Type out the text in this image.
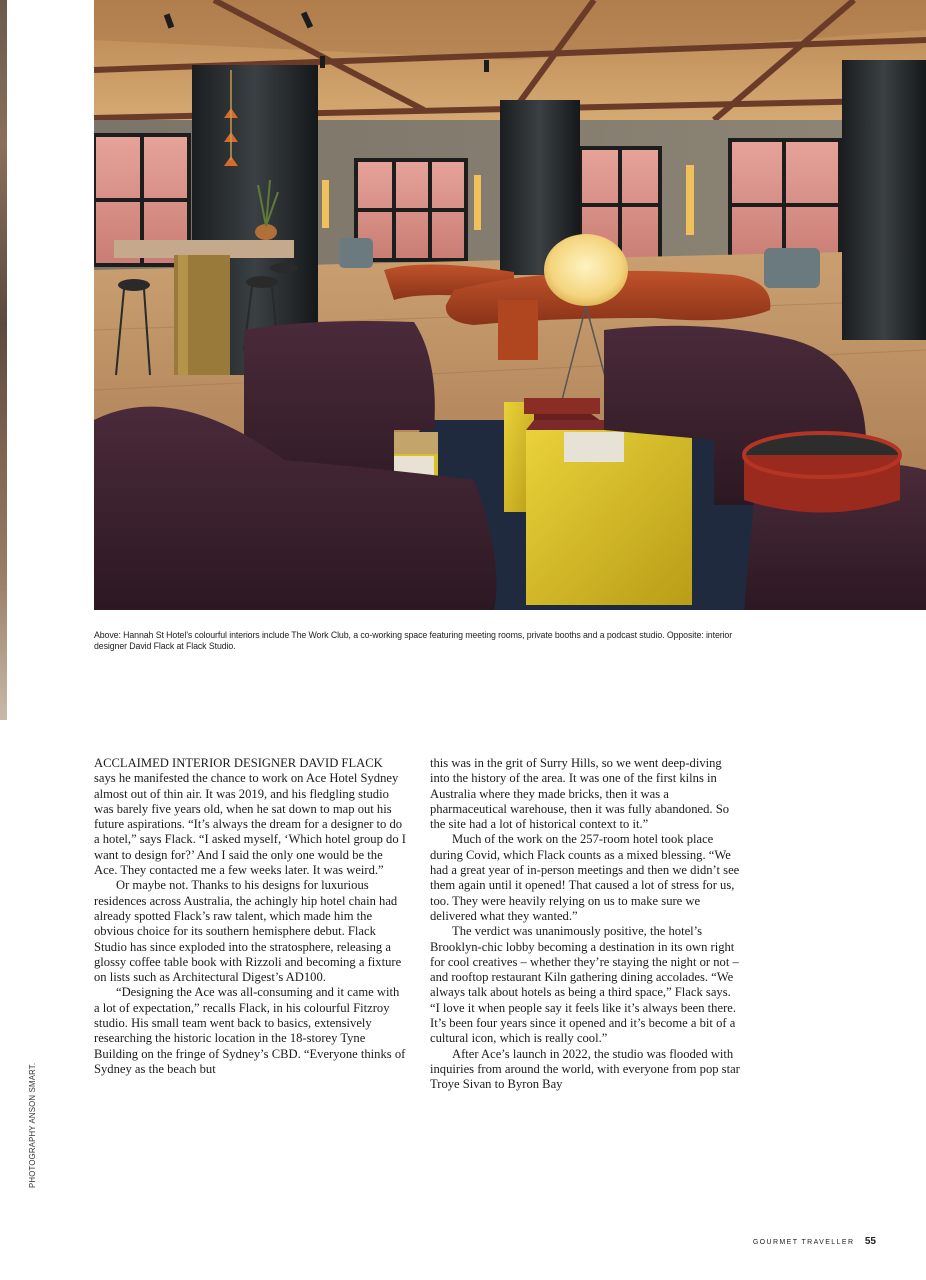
Above: Hannah St Hotel’s colourful interiors include The Work Club, a co-working space featuring meeting rooms, private booths and a podcast studio. Opposite: interior designer David Flack at Flack Studio.

ACCLAIMED INTERIOR DESIGNER DAVID FLACK says he manifested the chance to work on Ace Hotel Sydney almost out of thin air. It was 2019, and his fledgling studio was barely five years old, when he sat down to map out his future aspirations. “It’s always the dream for a designer to do a hotel,” says Flack. “I asked myself, ‘Which hotel group do I want to design for?’ And I said the only one would be the Ace. They contacted me a few weeks later. It was weird.”

Or maybe not. Thanks to his designs for luxurious residences across Australia, the achingly hip hotel chain had already spotted Flack’s raw talent, which made him the obvious choice for its southern hemisphere debut. Flack Studio has since exploded into the stratosphere, releasing a glossy coffee table book with Rizzoli and becoming a fixture on lists such as Architectural Digest’s AD100.

“Designing the Ace was all-consuming and it came with a lot of expectation,” recalls Flack, in his colourful Fitzroy studio. His small team went back to basics, extensively researching the historic location in the 18-storey Tyne Building on the fringe of Sydney’s CBD. “Everyone thinks of Sydney as the beach but

this was in the grit of Surry Hills, so we went deep-diving into the history of the area. It was one of the first kilns in Australia where they made bricks, then it was a pharmaceutical warehouse, then it was fully abandoned. So the site had a lot of historical context to it.”

Much of the work on the 257-room hotel took place during Covid, which Flack counts as a mixed blessing. “We had a great year of in-person meetings and then we didn’t see them again until it opened! That caused a lot of stress for us, too. They were heavily relying on us to make sure we delivered what they wanted.”

The verdict was unanimously positive, the hotel’s Brooklyn-chic lobby becoming a destination in its own right for cool creatives – whether they’re staying the night or not – and rooftop restaurant Kiln gathering dining accolades. “We always talk about hotels as being a third space,” Flack says. “I love it when people say it feels like it’s always been there. It’s been four years since it opened and it’s become a bit of a cultural icon, which is really cool.”

After Ace’s launch in 2022, the studio was flooded with inquiries from around the world, with everyone from pop star Troye Sivan to Byron Bay

PHOTOGRAPHY ANSON SMART.
GOURMET TRAVELLER 55
